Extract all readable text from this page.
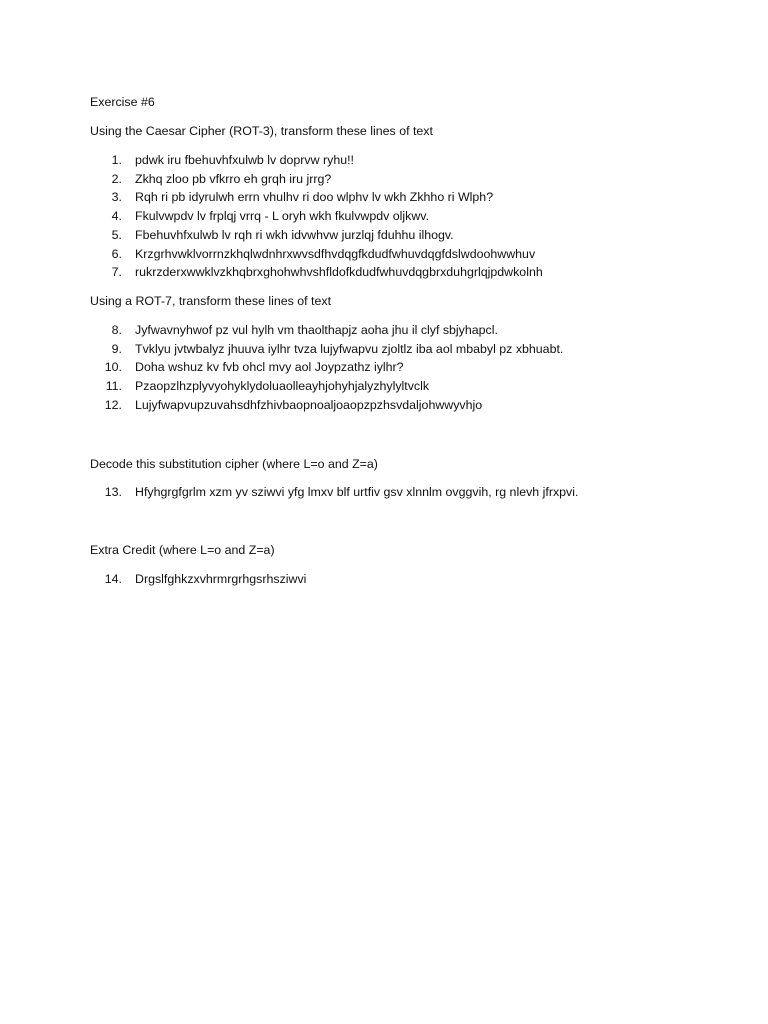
Exercise #6
Using the Caesar Cipher (ROT-3), transform these lines of text
1. pdwk iru fbehuvhfxulwb lv doprvw ryhu!!
2. Zkhq zloo pb vfkrro eh grqh iru jrrg?
3. Rqh ri pb idyrulwh errn vhulhv ri doo wlphv lv wkh Zkhho ri Wlph?
4. Fkulvwpdv lv frplqj vrrq - L oryh wkh fkulvwpdv oljkwv.
5. Fbehuvhfxulwb lv rqh ri wkh idvwhvw jurzlqj fduhhu ilhogv.
6. Krzgrhvwklvorrnzkhqlwdnhrxwvsdfhvdqgfkdudfwhuvdqgfdslwdoohwwhuv
7. rukrzderxwwklvzkhqbrxghohwhvshfldofkdudfwhuvdqgbrxduhgrlqjpdwkolnh
Using a ROT-7, transform these lines of text
8. Jyfwavnyhwof pz vul hylh vm thaolthapjz aoha jhu il clyf sbjyhapcl.
9. Tvklyu jvtwbalyz jhuuva iylhr tvza lujyfwapvu zjoltlz iba aol mbabyl pz xbhuabt.
10. Doha wshuz kv fvb ohcl mvy aol Joypzathz iylhr?
11. Pzaopzlhzplyvyohyklydoluaolleayhjohyhjalyzhylyltvclk
12. Lujyfwapvupzuvahsdhfzhivbaopnoaljoaopzpzhsvdaljohwwyvhjo
Decode this substitution cipher (where L=o and Z=a)
13. Hfyhgrgfgrlm xzm yv sziwvi yfg lmxv blf urtfiv gsv xlnnlm ovggvih, rg nlevh jfrxpvi.
Extra Credit (where L=o and Z=a)
14. Drgslfghkzxvhrmrgrhgsrhsziwvi
